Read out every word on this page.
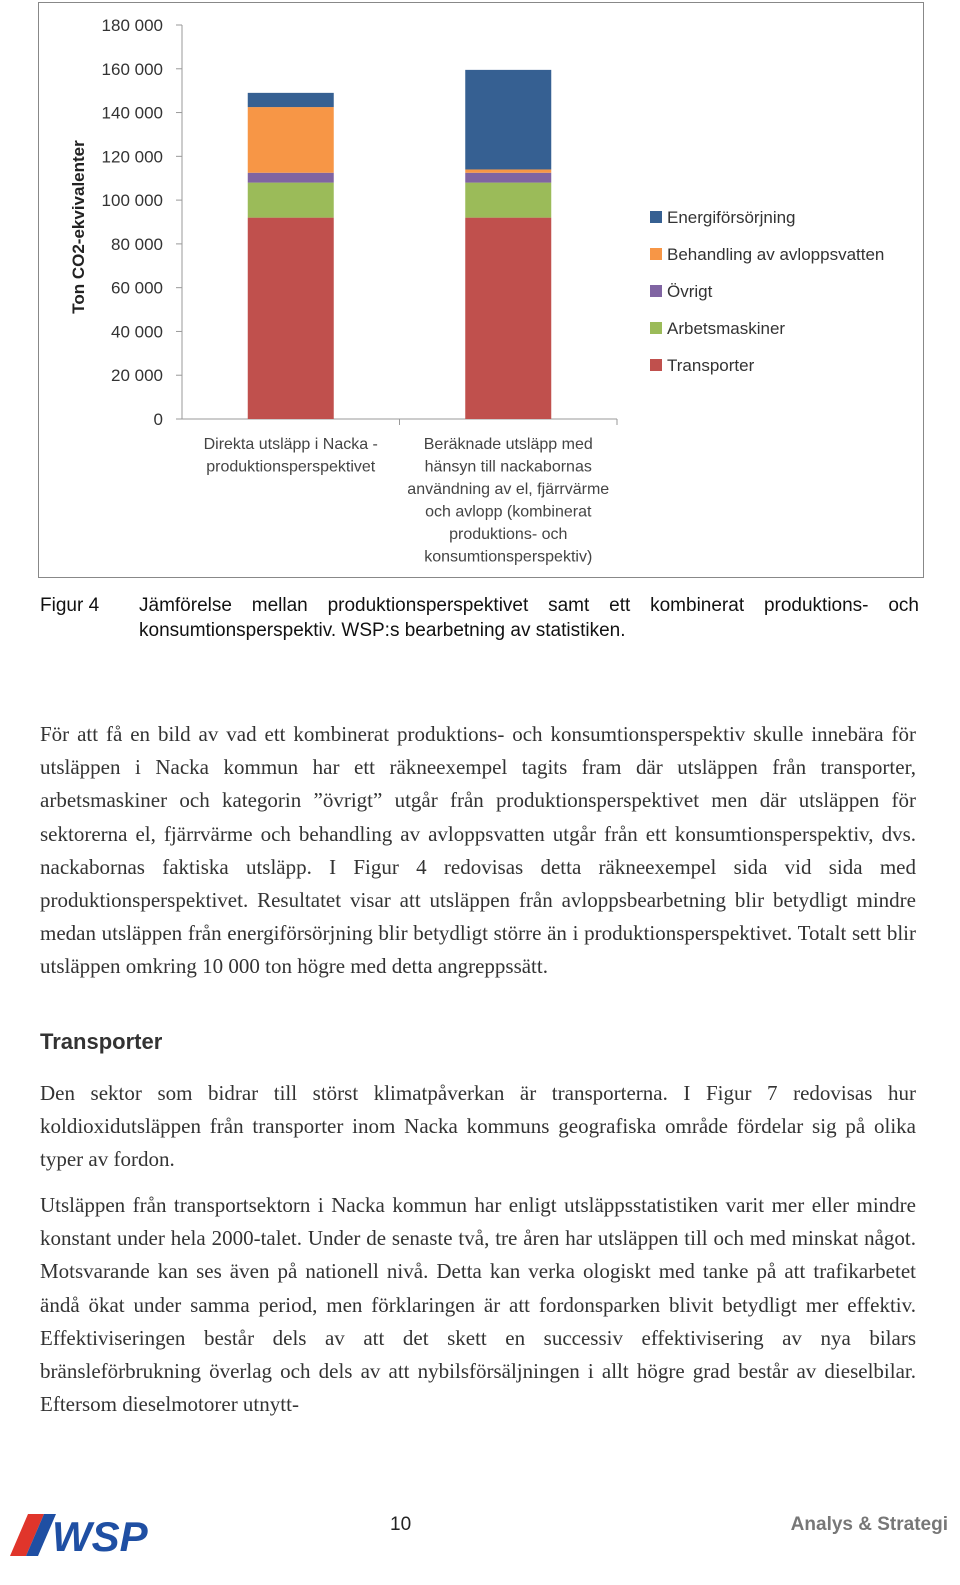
0
20 000
40 000
60 000
80 000
100 000
120 000
140 000
160 000
180 000
Ton CO2-ekvivalenter
Direkta utsläpp i Nacka -
produktionsperspektivet
Beräknade utsläpp med
hänsyn till nackabornas
användning av el, fjärrvärme
och avlopp (kombinerat
produktions- och
konsumtionsperspektiv)
Energiförsörjning
Behandling av avloppsvatten
Övrigt
Arbetsmaskiner
Transporter
Figur 4 Jämförelse mellan produktionsperspektivet samt ett kombinerat produktions- och konsumtionsperspektiv. WSP:s bearbetning av statistiken.

För att få en bild av vad ett kombinerat produktions- och konsumtionsperspektiv skulle innebära för utsläppen i Nacka kommun har ett räkneexempel tagits fram där utsläppen från transporter, arbetsmaskiner och kategorin ”övrigt” utgår från produktionsperspektivet men där utsläppen för sektorerna el, fjärrvärme och behandling av avloppsvatten utgår från ett konsumtionsperspektiv, dvs. nackabornas faktiska utsläpp. I Figur 4 redovisas detta räkneexempel sida vid sida med produktionsperspektivet. Resultatet visar att utsläppen från avloppsbearbetning blir betydligt mindre medan utsläppen från energiförsörjning blir betydligt större än i produktionsperspektivet. Totalt sett blir utsläppen omkring 10 000 ton högre med detta angreppssätt.

Transporter

Den sektor som bidrar till störst klimatpåverkan är transporterna. I Figur 7 redovisas hur koldioxidutsläppen från transporter inom Nacka kommuns geografiska område fördelar sig på olika typer av fordon.

Utsläppen från transportsektorn i Nacka kommun har enligt utsläppsstatistiken varit mer eller mindre konstant under hela 2000-talet. Under de senaste två, tre åren har utsläppen till och med minskat något. Motsvarande kan ses även på nationell nivå. Detta kan verka ologiskt med tanke på att trafikarbetet ändå ökat under samma period, men förklaringen är att fordonsparken blivit betydligt mer effektiv. Effektiviseringen består dels av att det skett en successiv effektivisering av nya bilars bränsleförbrukning överlag och dels av att nybilsförsäljningen i allt högre grad består av dieselbilar. Eftersom dieselmotorer utnytt-

WSP	10	Analys & Strategi
